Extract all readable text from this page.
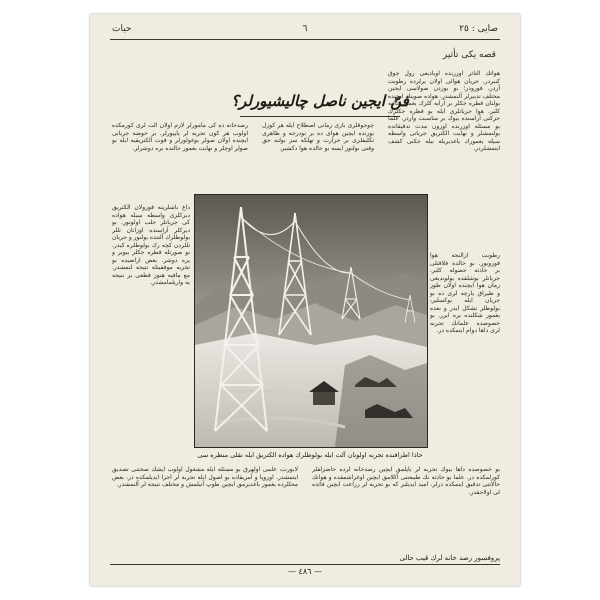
حيات	٦	صايى : ٢٥
قصه يكى تأثير
فنّ ايجين ناصل چاليشيورلر؟
هواتك التاتر اوزرنده اوياديغى رول چوق كبيردر. جريان هوائى اولان يرلرده رطوبت آزدر، قورودر؛ بو يوزدن صولاسى ايجين مختلف تدبيرلر آلنمشدر. هواده صوينك ايچنده بولنان قطره جكلر بر آرايه كلرك يغمور حالنه كلير. هوا جريانلرى ايله بو قطره جكلرك حركتى آراسنده بيوك بر مناسبت واردر. علما بو مسئله اوزرنده اوزون مدت تدقيقاتده بولنمشلر و نهايت الكتريق جريانى واسطه سيله يغمورك ياغديريله بيله جكنى كشف ايتمشلردر.
چوجوقلرى بازى زمانى اصطلاح ايله هر كوزل يوزنده ايچين هواى ده بر بودرجه و ظاهرى تكليفلرى بر حرارت و تهلكه سز بولنه جق وقتى بولنور ايسه بو حالده هوا دكشير.
رصدخانه ده كى مأمورلر لازم اولان آلت لرى كورمكده اولوب هر كون تجربه لر ياپيورلر. بر حوضه جريانى ايچنده اولان صولر بوغولورلر و قوت الكتريقيه ايله بو صولر اوچلر و نهايت يغمور حالنده يره دوشرلر.
رطوبت آزالنجه هوا قورويور. بو حالده فلاقتلى بر حادثه حصوله كلير. جريانلر بوشلقده بولونديغى زمان هوا ايچنده اولان طوز و طپراق پارچه لرى ده بو جريان ايله يوكسلير، بولوطلر تشكل ايدر و بعده يغمور شكلنده يره ايرر. بو خصوصده علمانك تجربه لرى داها دوام ايتمكده در.
داغ باشلرينه قورولان الكتريق ديركلرى واسطه سيله هواده كى جريانلر جلب اولونور. بو ديركلر آراسنده اوزانان تللر بولوطلرك آلتنده بولنور و جريان تللردن كچه رك بولوطلره كيدر. بو صورتله قطره جكلر بيوير و يره دوشر. بعض اراضيده بو تجربه موفقيتله نتيجه لنمشدر. مع مافيه هنوز قطعى بر نتيجه يه واريلمامشدر.
حاذا اطرافنده تجربه اولونان آلت ايله بولوطلرك هواده الكتريق ايله نقلى منظره سى
لابورت، علمى اولهرق بو مسئله ايله مشغول اولوب ايشك صحتنى تصديق ايتمشدر. اوروپا و آمريقاده بو اصول ايله تجربه لر اجرا ايديلمكده در. بعض محللرده يغمور ياغديرمق ايچين طوپ آتيلمش و مختلف نتيجه لر آلنمشدر.
بو خصوصده داها بيوك تجربه لر ياپلمق ايچين رصدخانه لرده حاضرلقلر كورلمكده در. علما بو حادثه نك طبيعتنى آكلامق ايچين اوغراشمقده و هوانك حالاتنى تدقيق ايتمكده درلر. اميد ايديلير كه بو تجربه لر زراعت ايچين فائده لى اولاجقدر.
پروفسور رصد خانه لرك قيب حالى
— ٤٨٦ —
